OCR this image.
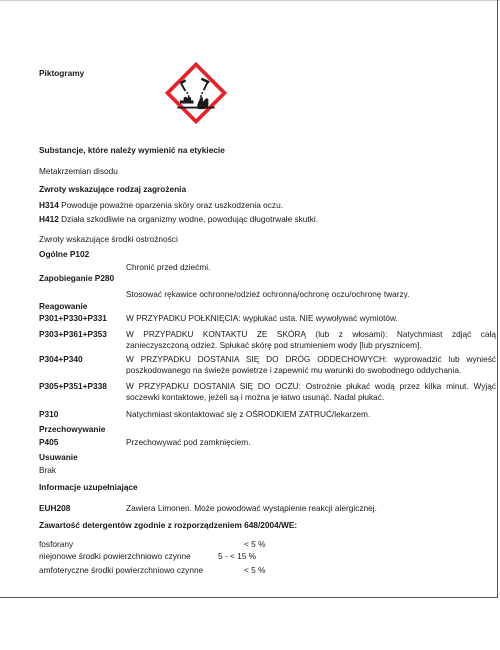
Piktogramy
Substancje, które należy wymienić na etykiecie
Metakrzemian disodu
Zwroty wskazujące rodzaj zagrożenia
H314 Powoduje poważne oparzenia skóry oraz uszkodzenia oczu.
H412 Działa szkodliwie na organizmy wodne, powodując długotrwałe skutki.
Zwroty wskazujące środki ostrożności
Ogólne P102
Chronić przed dziećmi.
Zapobieganie P280
Stosować rękawice ochronne/odzież ochronną/ochronę oczu/ochronę twarzy.
Reagowanie
P301+P330+P331 W PRZYPADKU POŁKNIĘCIA: wypłukać usta. NIE wywoływać wymiotów.
P303+P361+P353 W PRZYPADKU KONTAKTU ZE SKÓRĄ (lub z włosami): Natychmiast zdjąć całą
zanieczyszczoną odzież. Spłukać skórę pod strumieniem wody [lub prysznicem].
P304+P340	W PRZYPADKU DOSTANIA SIĘ DO DRÓG ODDECHOWYCH: wyprowadzić lub wynieść
poszkodowanego na świeże powietrze i zapewnić mu warunki do swobodnego oddychania.
P305+P351+P338 W PRZYPADKU DOSTANIA SIĘ DO OCZU: Ostrożnie płukać wodą przez kilka minut. Wyjąć
soczewki kontaktowe, jeżeli są i można je łatwo usunąć. Nadal płukać.
P310	Natychmiast skontaktować się z OŚRODKIEM ZATRUĆ/lekarzem.
Przechowywanie
P405	Przechowywać pod zamknięciem.
Usuwanie
Brak
Informacje uzupełniające
EUH208	Zawiera Limonen. Może powodować wystąpienie reakcji alergicznej.
Zawartość detergentów zgodnie z rozporządzeniem 648/2004/WE:
fosforany	< 5 %
niejonowe środki powierzchniowo czynne	5 - < 15 %
amfoteryczne środki powierzchniowo czynne	< 5 %
